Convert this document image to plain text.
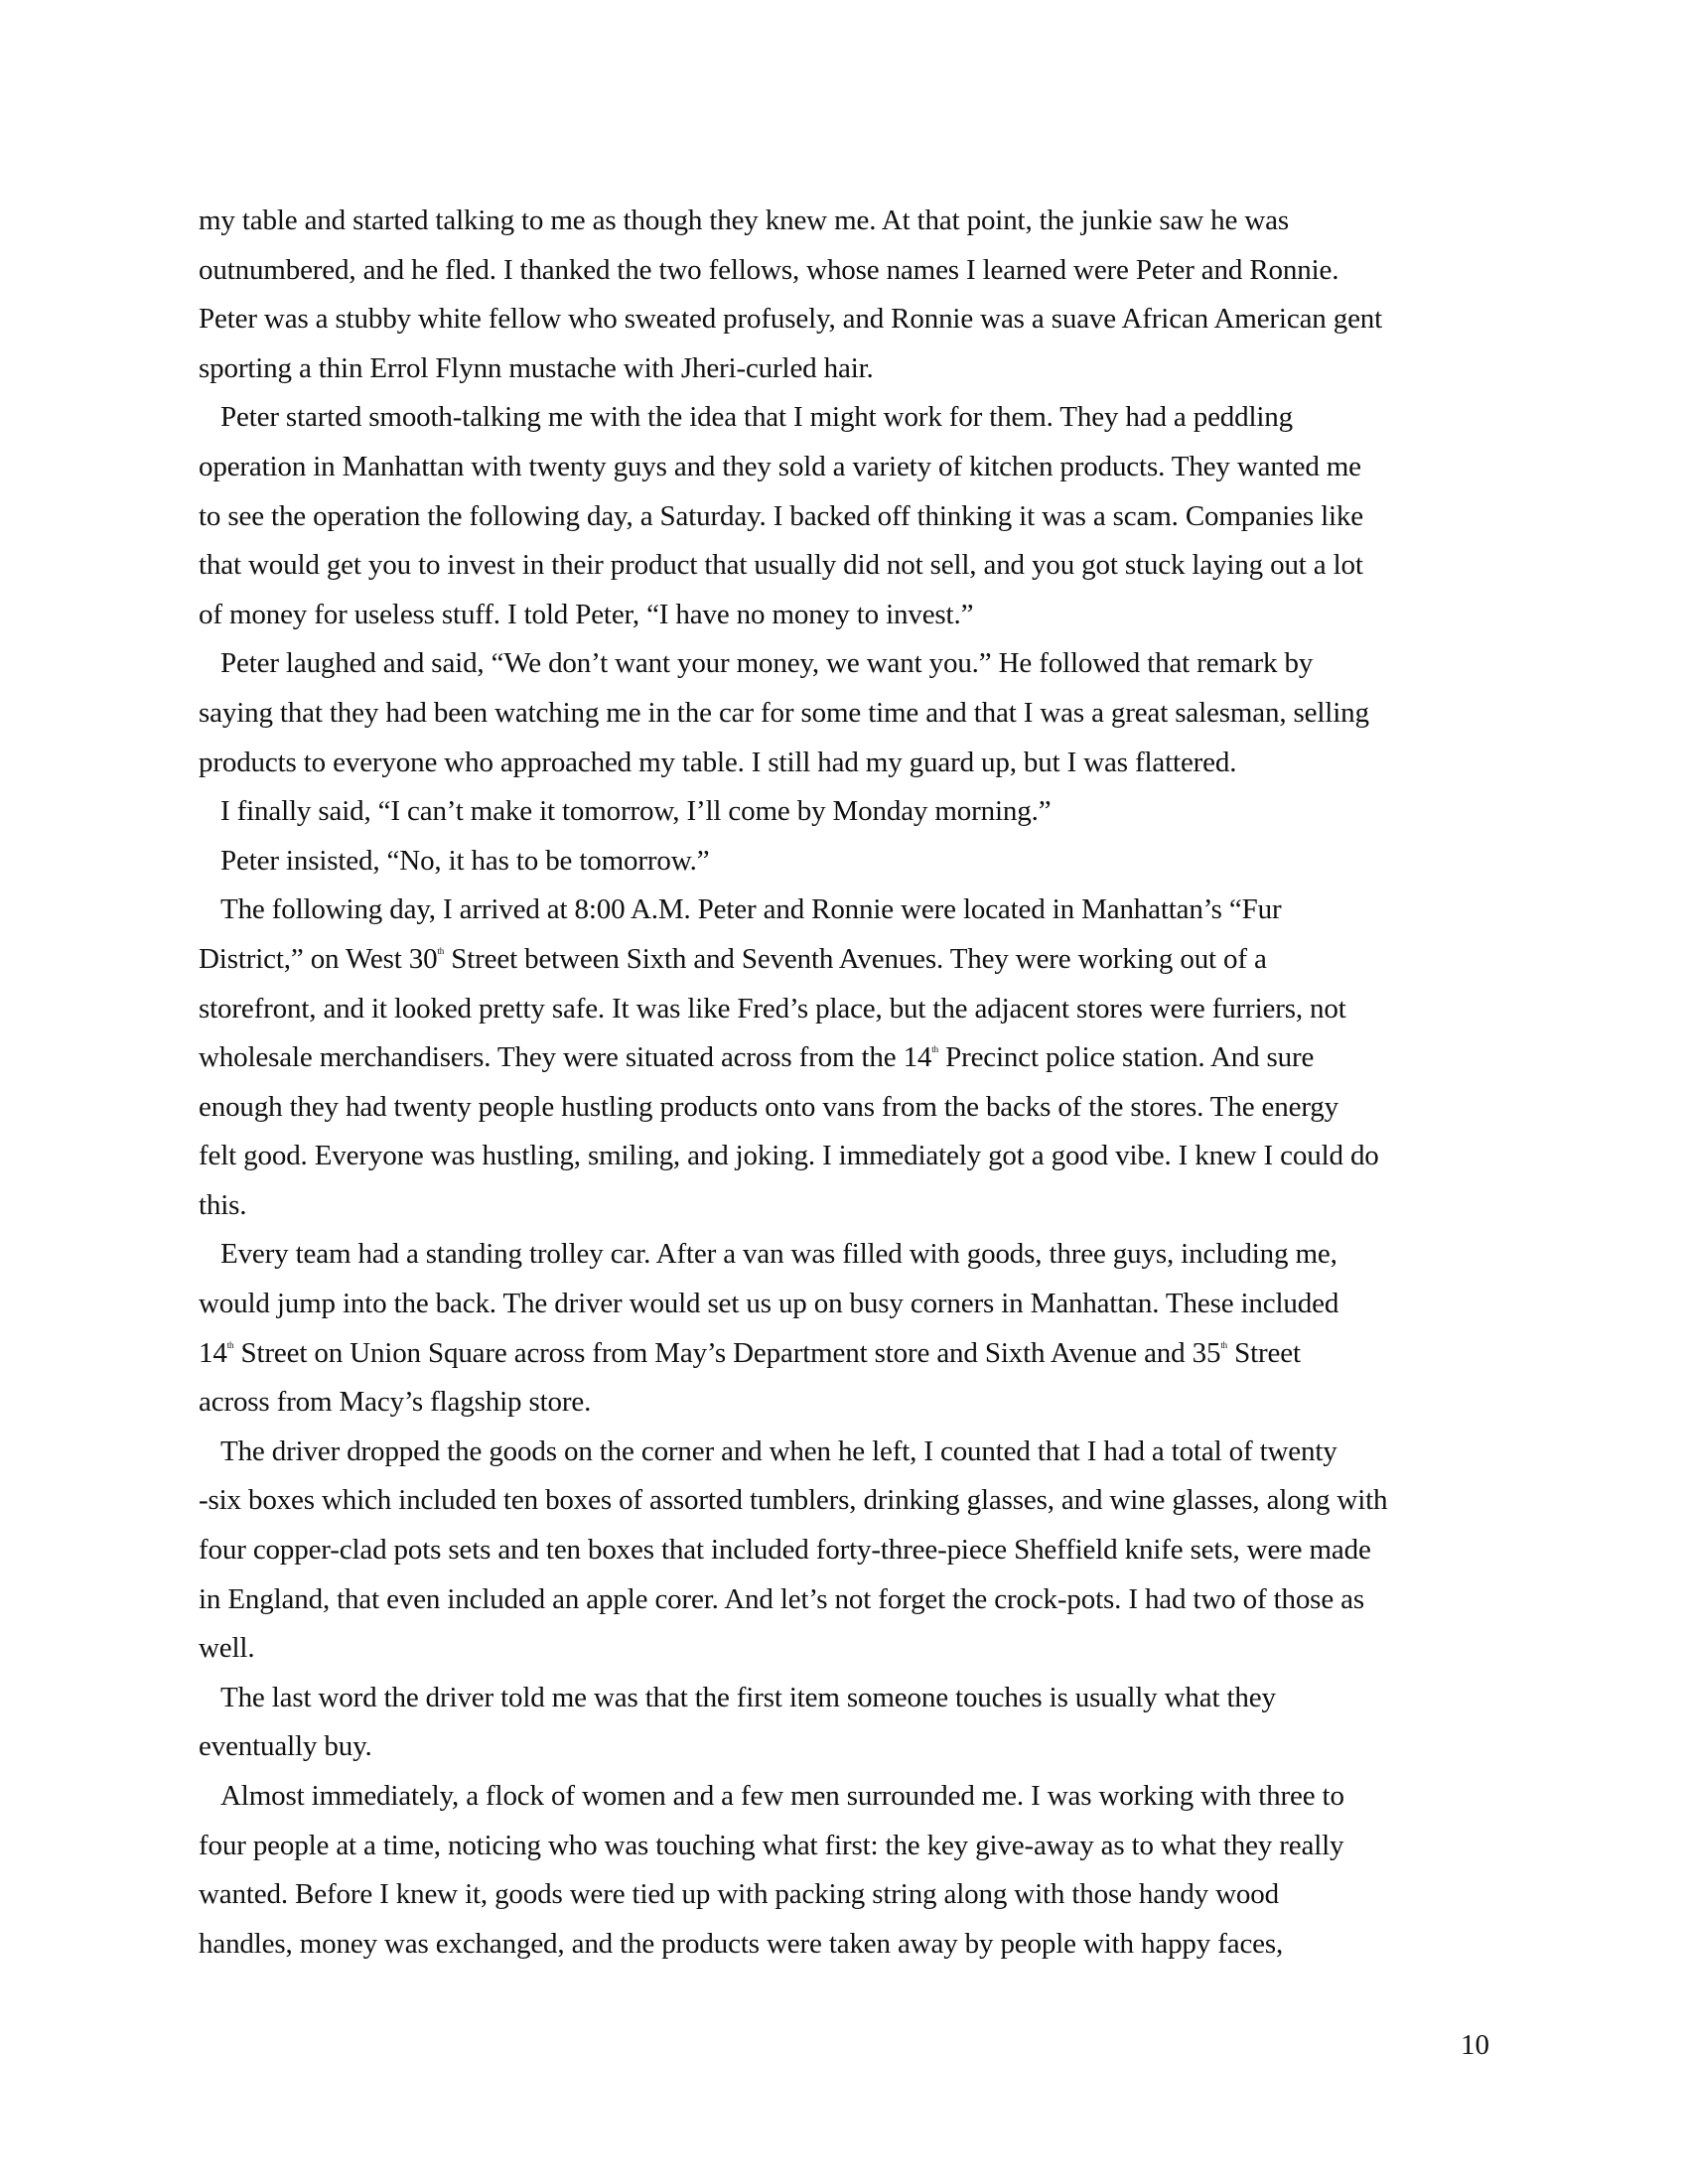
my table and started talking to me as though they knew me. At that point, the junkie saw he was
outnumbered, and he fled. I thanked the two fellows, whose names I learned were Peter and Ronnie.
Peter was a stubby white fellow who sweated profusely, and Ronnie was a suave African American gent
sporting a thin Errol Flynn mustache with Jheri-curled hair.
Peter started smooth-talking me with the idea that I might work for them. They had a peddling
operation in Manhattan with twenty guys and they sold a variety of kitchen products. They wanted me
to see the operation the following day, a Saturday. I backed off thinking it was a scam. Companies like
that would get you to invest in their product that usually did not sell, and you got stuck laying out a lot
of money for useless stuff. I told Peter, “I have no money to invest.”
Peter laughed and said, “We don’t want your money, we want you.” He followed that remark by
saying that they had been watching me in the car for some time and that I was a great salesman, selling
products to everyone who approached my table. I still had my guard up, but I was flattered.
I finally said, “I can’t make it tomorrow, I’ll come by Monday morning.”
Peter insisted, “No, it has to be tomorrow.”
The following day, I arrived at 8:00 A.M. Peter and Ronnie were located in Manhattan’s “Fur
District,” on West 30th Street between Sixth and Seventh Avenues. They were working out of a
storefront, and it looked pretty safe. It was like Fred’s place, but the adjacent stores were furriers, not
wholesale merchandisers. They were situated across from the 14th Precinct police station. And sure
enough they had twenty people hustling products onto vans from the backs of the stores. The energy
felt good. Everyone was hustling, smiling, and joking. I immediately got a good vibe. I knew I could do
this.
Every team had a standing trolley car. After a van was filled with goods, three guys, including me,
would jump into the back. The driver would set us up on busy corners in Manhattan. These included
14th Street on Union Square across from May’s Department store and Sixth Avenue and 35th Street
across from Macy’s flagship store.
The driver dropped the goods on the corner and when he left, I counted that I had a total of twenty
-six boxes which included ten boxes of assorted tumblers, drinking glasses, and wine glasses, along with
four copper-clad pots sets and ten boxes that included forty-three-piece Sheffield knife sets, were made
in England, that even included an apple corer. And let’s not forget the crock-pots. I had two of those as
well.
The last word the driver told me was that the first item someone touches is usually what they
eventually buy.
Almost immediately, a flock of women and a few men surrounded me. I was working with three to
four people at a time, noticing who was touching what first: the key give-away as to what they really
wanted. Before I knew it, goods were tied up with packing string along with those handy wood
handles, money was exchanged, and the products were taken away by people with happy faces,
10
